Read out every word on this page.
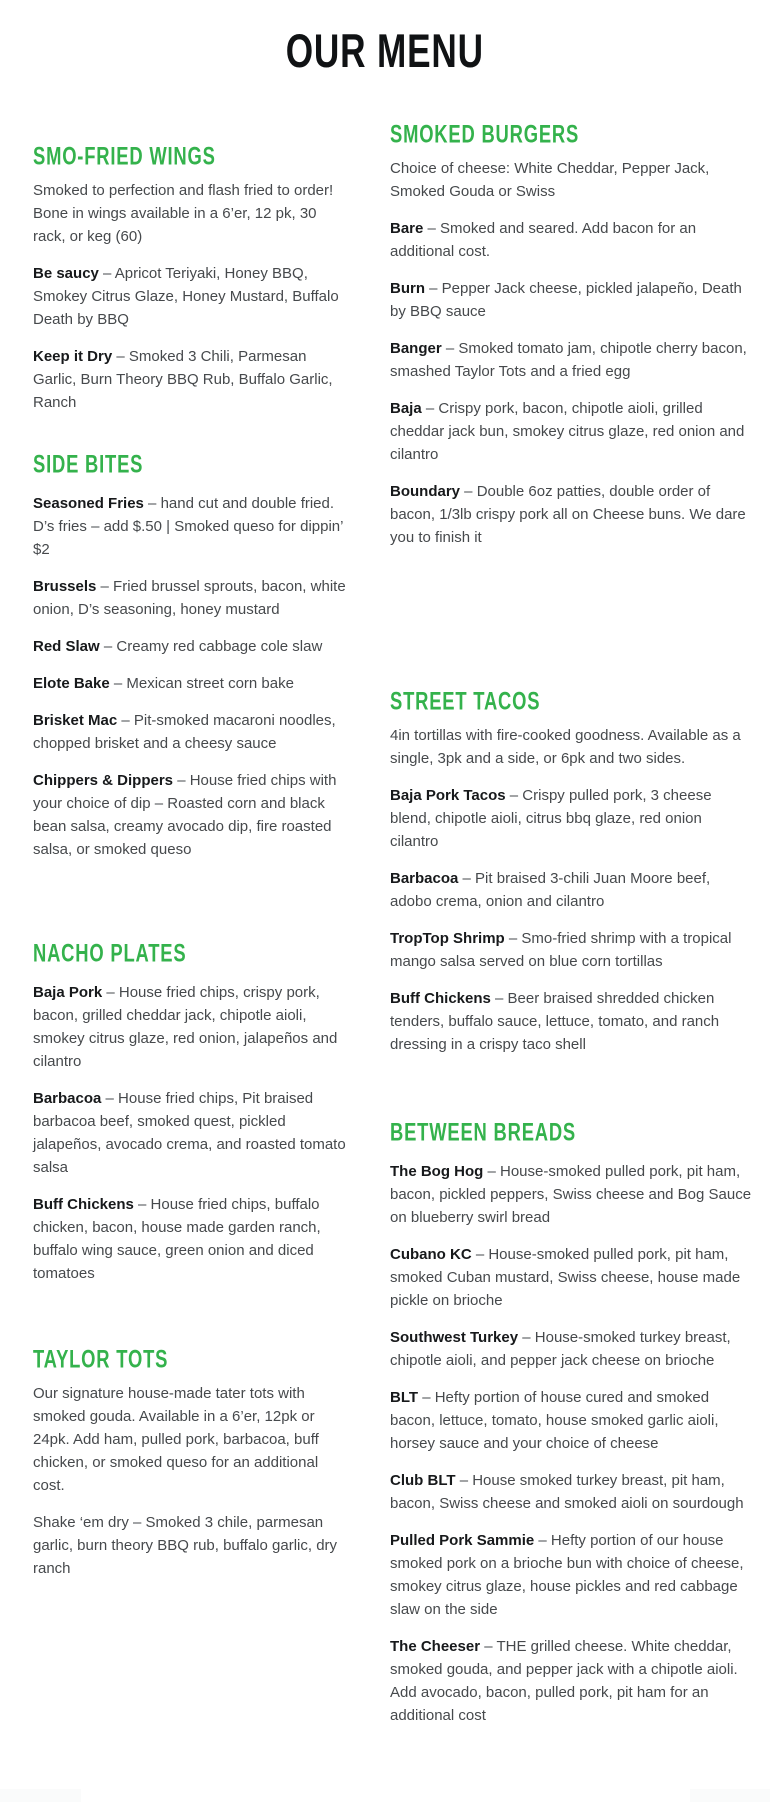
OUR MENU
SMO-FRIED WINGS

Smoked to perfection and flash fried to order! Bone in wings available in a 6’er, 12 pk, 30 rack, or keg (60)

Be saucy – Apricot Teriyaki, Honey BBQ, Smokey Citrus Glaze, Honey Mustard, Buffalo Death by BBQ

Keep it Dry – Smoked 3 Chili, Parmesan Garlic, Burn Theory BBQ Rub, Buffalo Garlic, Ranch

SIDE BITES

Seasoned Fries – hand cut and double fried. D’s fries – add $.50 | Smoked queso for dippin’ $2

Brussels – Fried brussel sprouts, bacon, white onion, D’s seasoning, honey mustard

Red Slaw – Creamy red cabbage cole slaw

Elote Bake – Mexican street corn bake

Brisket Mac – Pit-smoked macaroni noodles, chopped brisket and a cheesy sauce

Chippers & Dippers – House fried chips with your choice of dip – Roasted corn and black bean salsa, creamy avocado dip, fire roasted salsa, or smoked queso

NACHO PLATES

Baja Pork – House fried chips, crispy pork, bacon, grilled cheddar jack, chipotle aioli, smokey citrus glaze, red onion, jalapeños and cilantro

Barbacoa – House fried chips, Pit braised barbacoa beef, smoked quest, pickled jalapeños, avocado crema, and roasted tomato salsa

Buff Chickens – House fried chips, buffalo chicken, bacon, house made garden ranch, buffalo wing sauce, green onion and diced tomatoes

TAYLOR TOTS

Our signature house-made tater tots with smoked gouda. Available in a 6’er, 12pk or 24pk. Add ham, pulled pork, barbacoa, buff chicken, or smoked queso for an additional cost.

Shake ‘em dry – Smoked 3 chile, parmesan garlic, burn theory BBQ rub, buffalo garlic, dry ranch

SMOKED BURGERS

Choice of cheese: White Cheddar, Pepper Jack, Smoked Gouda or Swiss

Bare – Smoked and seared. Add bacon for an additional cost.

Burn – Pepper Jack cheese, pickled jalapeño, Death by BBQ sauce

Banger – Smoked tomato jam, chipotle cherry bacon, smashed Taylor Tots and a fried egg

Baja – Crispy pork, bacon, chipotle aioli, grilled cheddar jack bun, smokey citrus glaze, red onion and cilantro

Boundary – Double 6oz patties, double order of bacon, 1/3lb crispy pork all on Cheese buns. We dare you to finish it

STREET TACOS

4in tortillas with fire-cooked goodness. Available as a single, 3pk and a side, or 6pk and two sides.

Baja Pork Tacos – Crispy pulled pork, 3 cheese blend, chipotle aioli, citrus bbq glaze, red onion cilantro

Barbacoa – Pit braised 3-chili Juan Moore beef, adobo crema, onion and cilantro

TropTop Shrimp – Smo-fried shrimp with a tropical mango salsa served on blue corn tortillas

Buff Chickens – Beer braised shredded chicken tenders, buffalo sauce, lettuce, tomato, and ranch dressing in a crispy taco shell

BETWEEN BREADS

The Bog Hog – House-smoked pulled pork, pit ham, bacon, pickled peppers, Swiss cheese and Bog Sauce on blueberry swirl bread

Cubano KC – House-smoked pulled pork, pit ham, smoked Cuban mustard, Swiss cheese, house made pickle on brioche

Southwest Turkey – House-smoked turkey breast, chipotle aioli, and pepper jack cheese on brioche

BLT – Hefty portion of house cured and smoked bacon, lettuce, tomato, house smoked garlic aioli, horsey sauce and your choice of cheese

Club BLT – House smoked turkey breast, pit ham, bacon, Swiss cheese and smoked aioli on sourdough

Pulled Pork Sammie – Hefty portion of our house smoked pork on a brioche bun with choice of cheese, smokey citrus glaze, house pickles and red cabbage slaw on the side

The Cheeser – THE grilled cheese. White cheddar, smoked gouda, and pepper jack with a chipotle aioli. Add avocado, bacon, pulled pork, pit ham for an additional cost
